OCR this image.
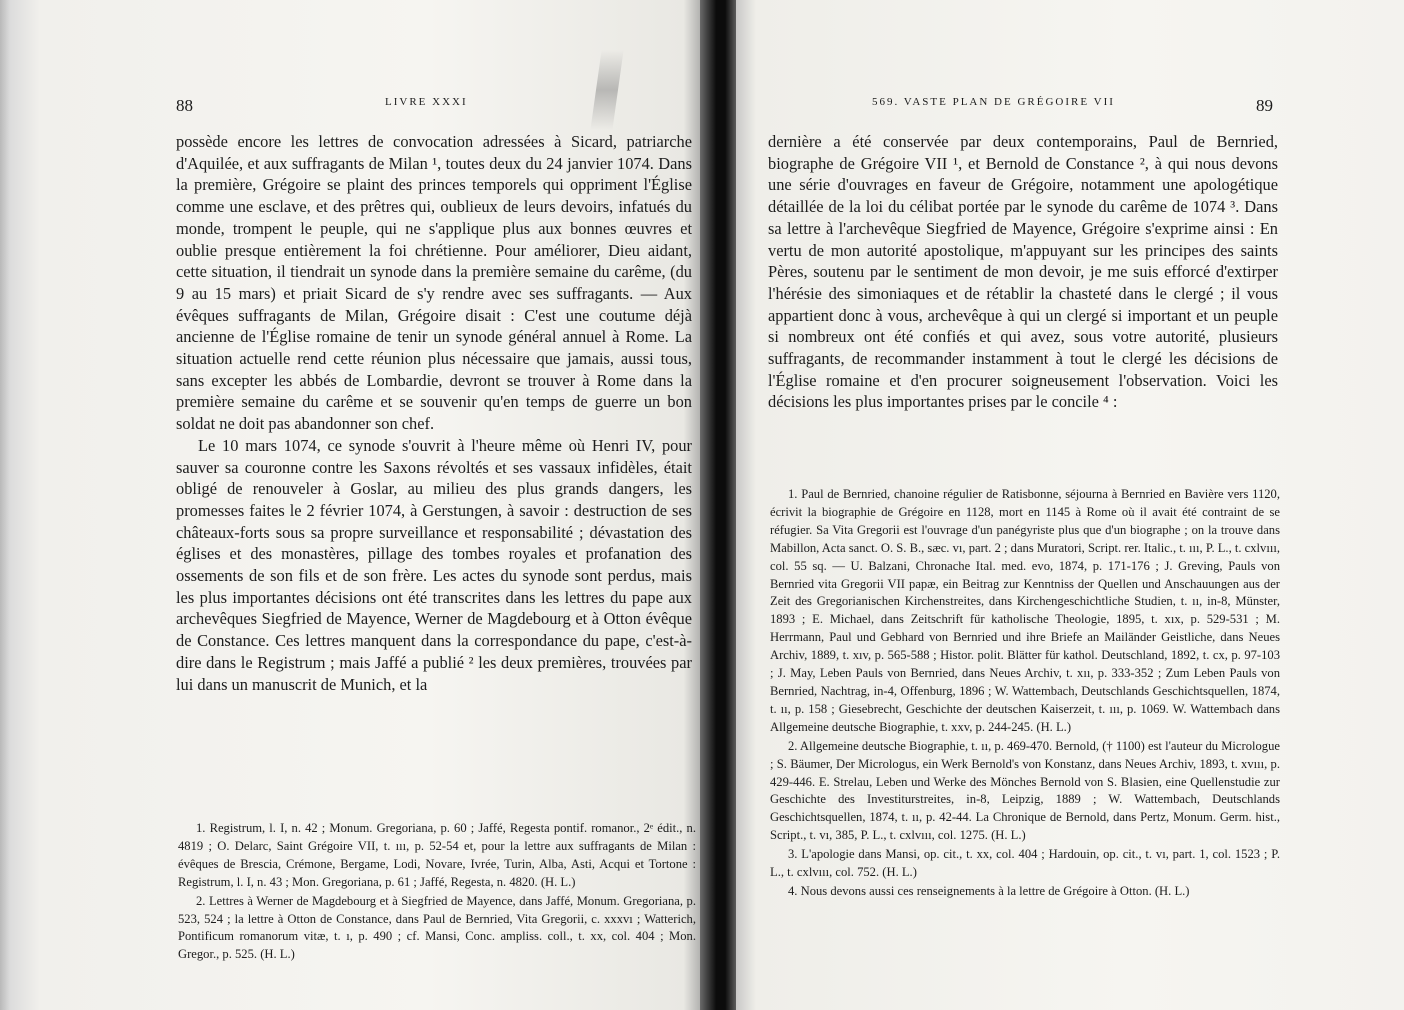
88	LIVRE XXXI

possède encore les lettres de convocation adressées à Sicard, patriarche d'Aquilée, et aux suffragants de Milan ¹, toutes deux du 24 janvier 1074. Dans la première, Grégoire se plaint des princes temporels qui oppriment l'Église comme une esclave, et des prêtres qui, oublieux de leurs devoirs, infatués du monde, trompent le peuple, qui ne s'applique plus aux bonnes œuvres et oublie presque entièrement la foi chrétienne. Pour améliorer, Dieu aidant, cette situation, il tiendrait un synode dans la première semaine du carême, (du 9 au 15 mars) et priait Sicard de s'y rendre avec ses suffragants. — Aux évêques suffragants de Milan, Grégoire disait : C'est une coutume déjà ancienne de l'Église romaine de tenir un synode général annuel à Rome. La situation actuelle rend cette réunion plus nécessaire que jamais, aussi tous, sans excepter les abbés de Lombardie, devront se trouver à Rome dans la première semaine du carême et se souvenir qu'en temps de guerre un bon soldat ne doit pas abandonner son chef.

Le 10 mars 1074, ce synode s'ouvrit à l'heure même où Henri IV, pour sauver sa couronne contre les Saxons révoltés et ses vassaux infidèles, était obligé de renouveler à Goslar, au milieu des plus grands dangers, les promesses faites le 2 février 1074, à Gerstungen, à savoir : destruction de ses châteaux-forts sous sa propre surveillance et responsabilité ; dévastation des églises et des monastères, pillage des tombes royales et profanation des ossements de son fils et de son frère. Les actes du synode sont perdus, mais les plus importantes décisions ont été transcrites dans les lettres du pape aux archevêques Siegfried de Mayence, Werner de Magdebourg et à Otton évêque de Constance. Ces lettres manquent dans la correspondance du pape, c'est-à-dire dans le Registrum ; mais Jaffé a publié ² les deux premières, trouvées par lui dans un manuscrit de Munich, et la

1. Registrum, l. I, n. 42 ; Monum. Gregoriana, p. 60 ; Jaffé, Regesta pontif. romanor., 2ᵉ édit., n. 4819 ; O. Delarc, Saint Grégoire VII, t. ııı, p. 52-54 et, pour la lettre aux suffragants de Milan : évêques de Brescia, Crémone, Bergame, Lodi, Novare, Ivrée, Turin, Alba, Asti, Acqui et Tortone : Registrum, l. I, n. 43 ; Mon. Gregoriana, p. 61 ; Jaffé, Regesta, n. 4820. (H. L.)

2. Lettres à Werner de Magdebourg et à Siegfried de Mayence, dans Jaffé, Monum. Gregoriana, p. 523, 524 ; la lettre à Otton de Constance, dans Paul de Bernried, Vita Gregorii, c. xxxvı ; Watterich, Pontificum romanorum vitæ, t. ı, p. 490 ; cf. Mansi, Conc. ampliss. coll., t. xx, col. 404 ; Mon. Gregor., p. 525. (H. L.)

569. VASTE PLAN DE GRÉGOIRE VII	89

dernière a été conservée par deux contemporains, Paul de Bernried, biographe de Grégoire VII ¹, et Bernold de Constance ², à qui nous devons une série d'ouvrages en faveur de Grégoire, notamment une apologétique détaillée de la loi du célibat portée par le synode du carême de 1074 ³. Dans sa lettre à l'archevêque Siegfried de Mayence, Grégoire s'exprime ainsi : En vertu de mon autorité apostolique, m'appuyant sur les principes des saints Pères, soutenu par le sentiment de mon devoir, je me suis efforcé d'extirper l'hérésie des simoniaques et de rétablir la chasteté dans le clergé ; il vous appartient donc à vous, archevêque à qui un clergé si important et un peuple si nombreux ont été confiés et qui avez, sous votre autorité, plusieurs suffragants, de recommander instamment à tout le clergé les décisions de l'Église romaine et d'en procurer soigneusement l'observation. Voici les décisions les plus importantes prises par le concile ⁴ :

1. Paul de Bernried, chanoine régulier de Ratisbonne, séjourna à Bernried en Bavière vers 1120, écrivit la biographie de Grégoire en 1128, mort en 1145 à Rome où il avait été contraint de se réfugier. Sa Vita Gregorii est l'ouvrage d'un panégyriste plus que d'un biographe ; on la trouve dans Mabillon, Acta sanct. O. S. B., sæc. vı, part. 2 ; dans Muratori, Script. rer. Italic., t. ııı, P. L., t. cxlvııı, col. 55 sq. — U. Balzani, Chronache Ital. med. evo, 1874, p. 171-176 ; J. Greving, Pauls von Bernried vita Gregorii VII papæ, ein Beitrag zur Kenntniss der Quellen und Anschauungen aus der Zeit des Gregorianischen Kirchenstreites, dans Kirchengeschichtliche Studien, t. ıı, in-8, Münster, 1893 ; E. Michael, dans Zeitschrift für katholische Theologie, 1895, t. xıx, p. 529-531 ; M. Herrmann, Paul und Gebhard von Bernried und ihre Briefe an Mailänder Geistliche, dans Neues Archiv, 1889, t. xıv, p. 565-588 ; Histor. polit. Blätter für kathol. Deutschland, 1892, t. cx, p. 97-103 ; J. May, Leben Pauls von Bernried, dans Neues Archiv, t. xıı, p. 333-352 ; Zum Leben Pauls von Bernried, Nachtrag, in-4, Offenburg, 1896 ; W. Wattembach, Deutschlands Geschichtsquellen, 1874, t. ıı, p. 158 ; Giesebrecht, Geschichte der deutschen Kaiserzeit, t. ııı, p. 1069. W. Wattembach dans Allgemeine deutsche Biographie, t. xxv, p. 244-245. (H. L.)

2. Allgemeine deutsche Biographie, t. ıı, p. 469-470. Bernold, († 1100) est l'auteur du Micrologue ; S. Bäumer, Der Micrologus, ein Werk Bernold's von Konstanz, dans Neues Archiv, 1893, t. xvııı, p. 429-446. E. Strelau, Leben und Werke des Mönches Bernold von S. Blasien, eine Quellenstudie zur Geschichte des Investiturstreites, in-8, Leipzig, 1889 ; W. Wattembach, Deutschlands Geschichtsquellen, 1874, t. ıı, p. 42-44. La Chronique de Bernold, dans Pertz, Monum. Germ. hist., Script., t. vı, 385, P. L., t. cxlvııı, col. 1275. (H. L.)

3. L'apologie dans Mansi, op. cit., t. xx, col. 404 ; Hardouin, op. cit., t. vı, part. 1, col. 1523 ; P. L., t. cxlvııı, col. 752. (H. L.)

4. Nous devons aussi ces renseignements à la lettre de Grégoire à Otton. (H. L.)
